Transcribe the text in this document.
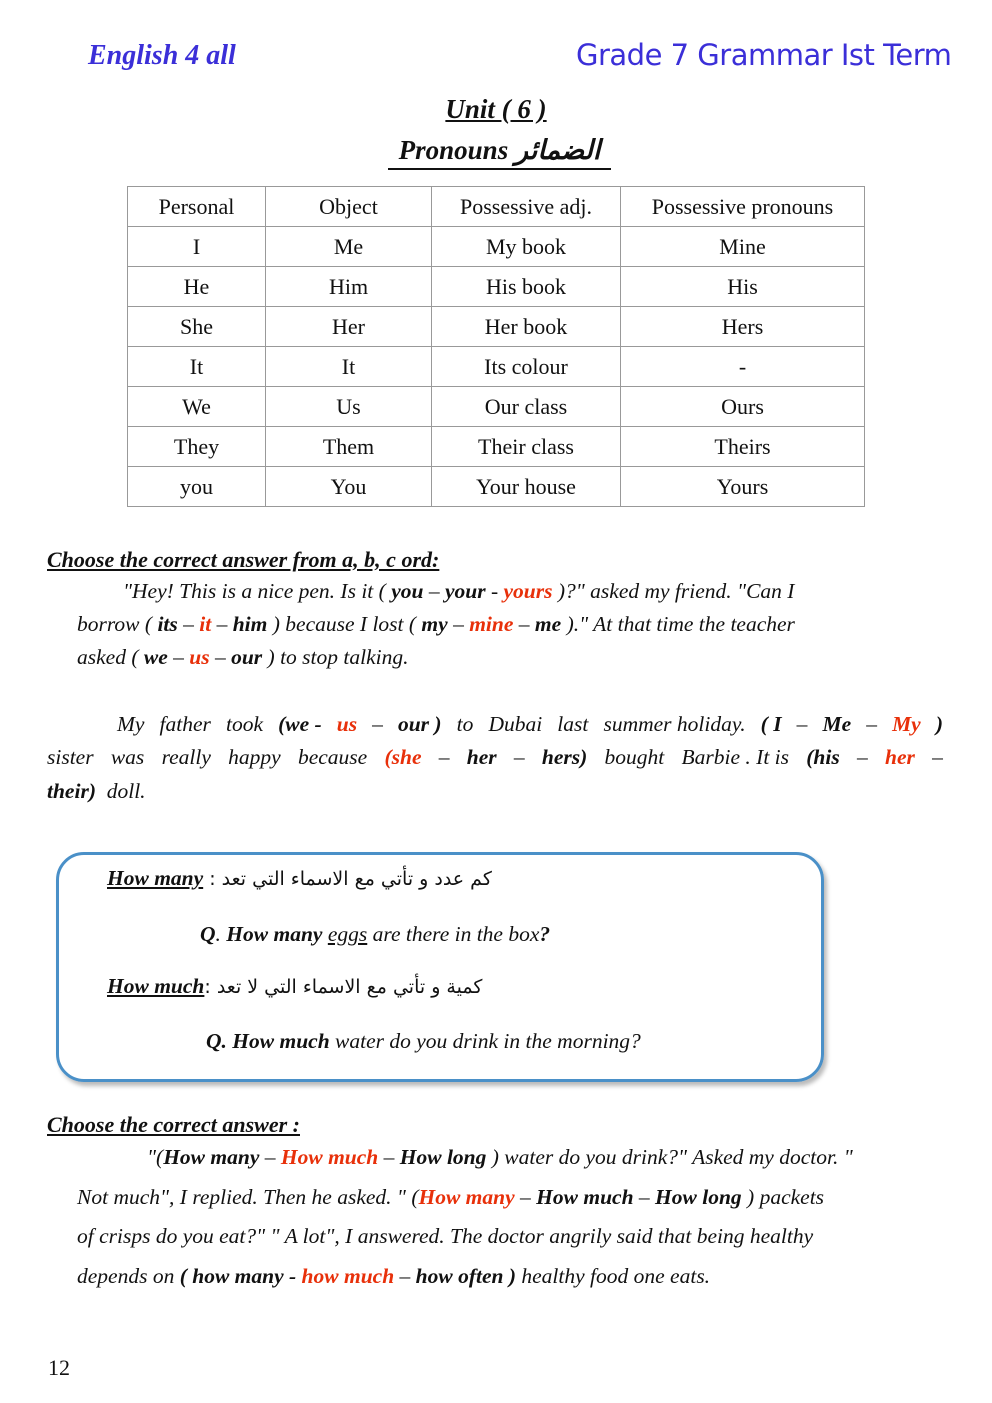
English 4 all	Grade 7 Grammar Ist Term
Unit ( 6 )
Pronouns الضمائر
Personal	Object	Possessive adj.	Possessive pronouns
I	Me	My book	Mine
He	Him	His book	His
She	Her	Her book	Hers
It	It	Its colour	-
We	Us	Our class	Ours
They	Them	Their class	Theirs
you	You	Your house	Yours
Choose the correct answer from a, b, c ord:
"Hey! This is a nice pen. Is it ( you – your - yours )?" asked my friend. "Can I
borrow ( its – it – him ) because I lost ( my – mine – me )." At that time the teacher
asked ( we – us – our ) to stop talking.
My father took (we - us – our ) to Dubai last summer holiday. ( I – Me – My )
sister was really happy because (she – her – hers) bought Barbie . It is (his – her –
their)  doll.
How many : كم عدد و تأتي مع الاسماء التي تعد
Q. How many eggs are there in the box?
How much: كمية و تأتي مع الاسماء التي لا تعد
Q. How much water do you drink in the morning?
Choose the correct answer :
"(How many – How much – How long ) water do you drink?" Asked my doctor. "
Not much", I replied. Then he asked. " (How many – How much – How long ) packets
of crisps do you eat?" " A lot", I answered. The doctor angrily said that being healthy
depends on ( how many - how much – how often ) healthy food one eats.
12
